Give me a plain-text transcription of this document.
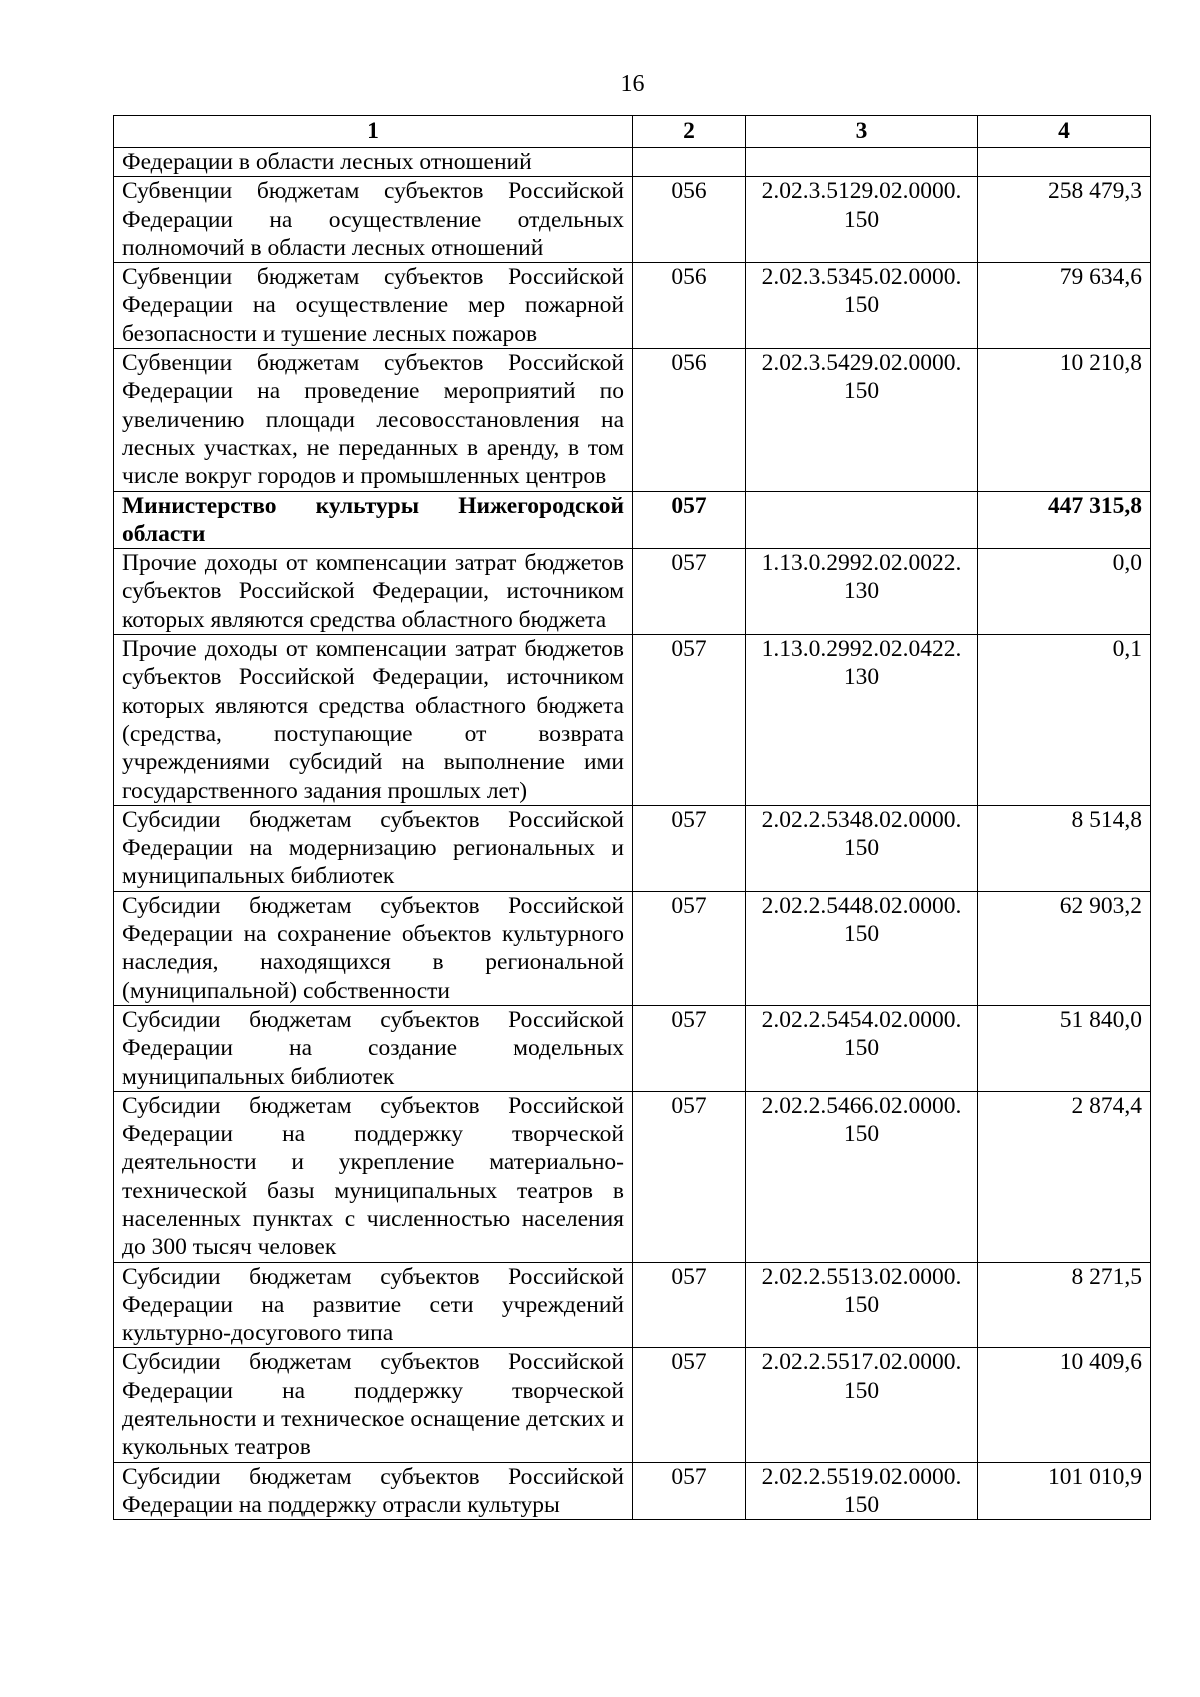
16
1	2	3	4
Федерации в области лесных отношений			
Субвенции бюджетам субъектов Российской Федерации на осуществление отдельных полномочий в области лесных отношений	056	2.02.3.5129.02.0000. 150	258 479,3
Субвенции бюджетам субъектов Российской Федерации на осуществление мер пожарной безопасности и тушение лесных пожаров	056	2.02.3.5345.02.0000. 150	79 634,6
Субвенции бюджетам субъектов Российской Федерации на проведение мероприятий по увеличению площади лесовосстановления на лесных участках, не переданных в аренду, в том числе вокруг городов и промышленных центров	056	2.02.3.5429.02.0000. 150	10 210,8
Министерство культуры Нижегородской области	057		447 315,8
Прочие доходы от компенсации затрат бюджетов субъектов Российской Федерации, источником которых являются средства областного бюджета	057	1.13.0.2992.02.0022. 130	0,0
Прочие доходы от компенсации затрат бюджетов субъектов Российской Федерации, источником которых являются средства областного бюджета (средства, поступающие от возврата учреждениями субсидий на выполнение ими государственного задания прошлых лет)	057	1.13.0.2992.02.0422. 130	0,1
Субсидии бюджетам субъектов Российской Федерации на модернизацию региональных и муниципальных библиотек	057	2.02.2.5348.02.0000. 150	8 514,8
Субсидии бюджетам субъектов Российской Федерации на сохранение объектов культурного наследия, находящихся в региональной (муниципальной) собственности	057	2.02.2.5448.02.0000. 150	62 903,2
Субсидии бюджетам субъектов Российской Федерации на создание модельных муниципальных библиотек	057	2.02.2.5454.02.0000. 150	51 840,0
Субсидии бюджетам субъектов Российской Федерации на поддержку творческой деятельности и укрепление материально-технической базы муниципальных театров в населенных пунктах с численностью населения до 300 тысяч человек	057	2.02.2.5466.02.0000. 150	2 874,4
Субсидии бюджетам субъектов Российской Федерации на развитие сети учреждений культурно-досугового типа	057	2.02.2.5513.02.0000. 150	8 271,5
Субсидии бюджетам субъектов Российской Федерации на поддержку творческой деятельности и техническое оснащение детских и кукольных театров	057	2.02.2.5517.02.0000. 150	10 409,6
Субсидии бюджетам субъектов Российской Федерации на поддержку отрасли культуры	057	2.02.2.5519.02.0000. 150	101 010,9
